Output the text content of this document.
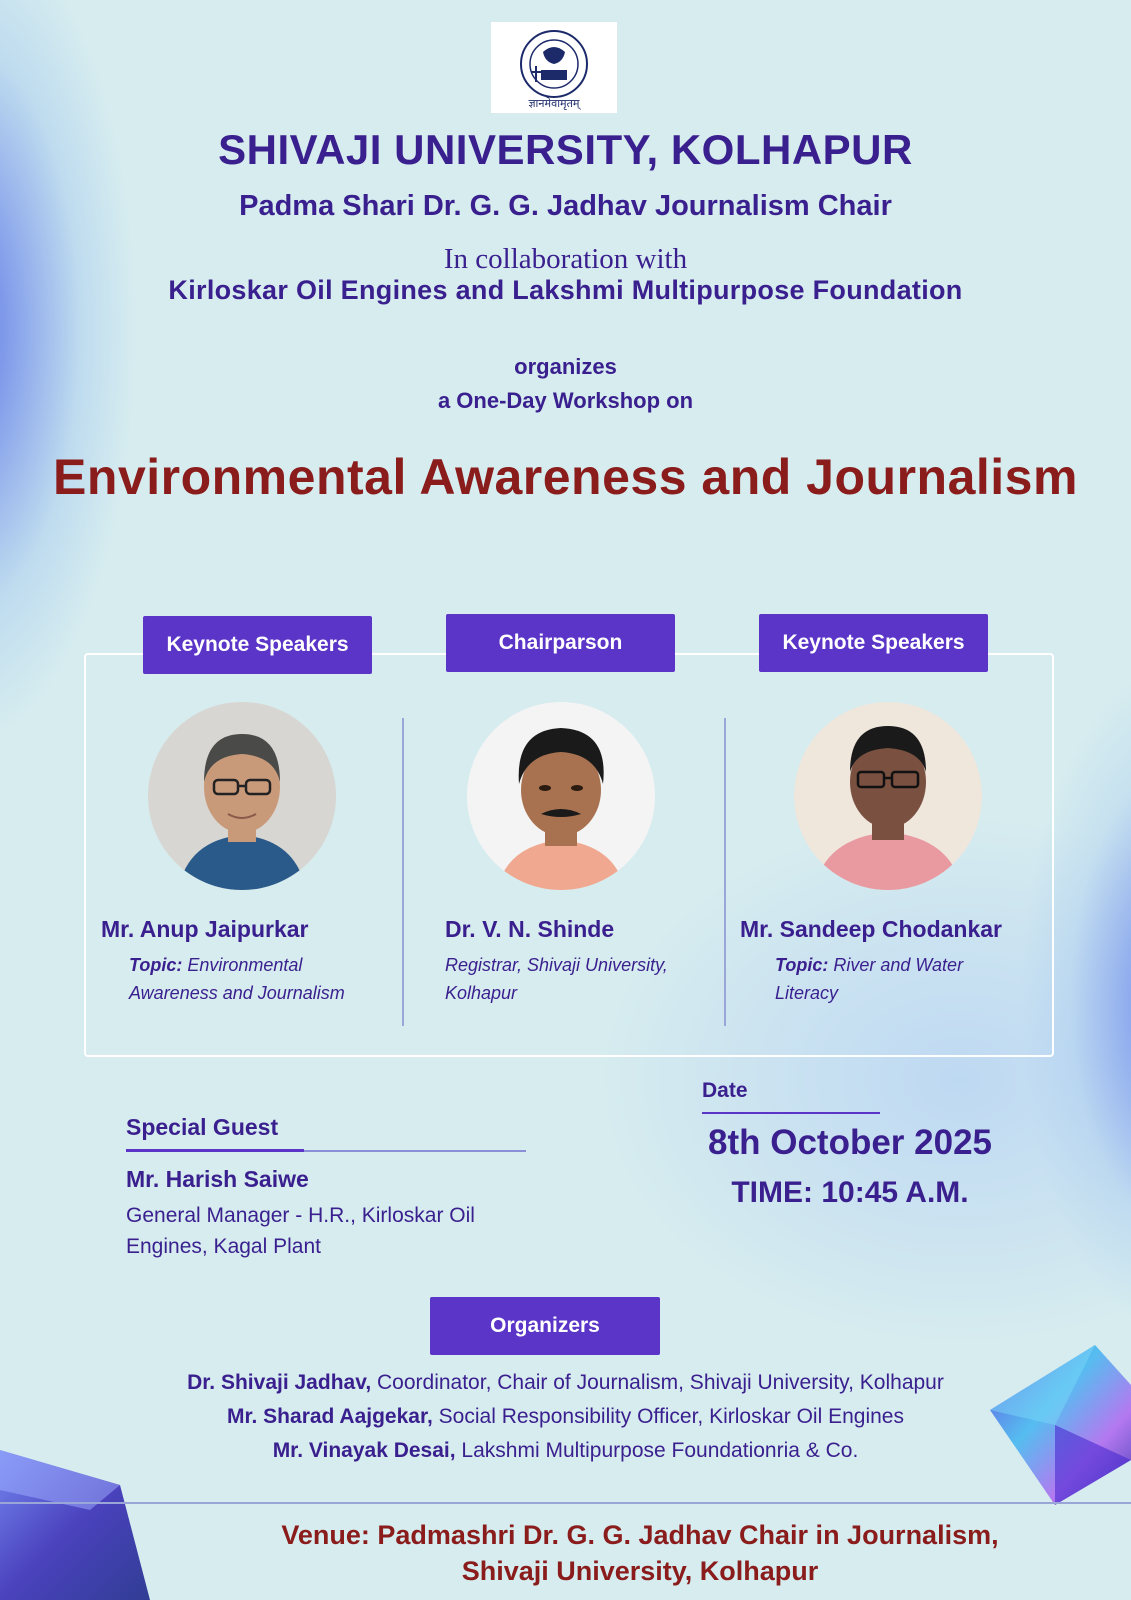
ज्ञानमेवामृतम्
SHIVAJI UNIVERSITY, KOLHAPUR
Padma Shari Dr. G. G. Jadhav Journalism Chair
In collaboration with
Kirloskar Oil Engines and Lakshmi Multipurpose Foundation
organizes
a One-Day Workshop on
Environmental Awareness and Journalism
Keynote Speakers	Chairparson	Keynote Speakers
Mr. Anup Jaipurkar
Topic: Environmental Awareness and Journalism
Dr. V. N. Shinde
Registrar, Shivaji University, Kolhapur
Mr. Sandeep Chodankar
Topic: River and Water Literacy
Special Guest
Mr. Harish Saiwe
General Manager - H.R., Kirloskar Oil Engines, Kagal Plant
Date
8th October 2025
TIME: 10:45 A.M.
Organizers
Dr. Shivaji Jadhav, Coordinator, Chair of Journalism, Shivaji University, Kolhapur
Mr. Sharad Aajgekar, Social Responsibility Officer, Kirloskar Oil Engines
Mr. Vinayak Desai, Lakshmi Multipurpose Foundationria & Co.
Venue: Padmashri Dr. G. G. Jadhav Chair in Journalism,
Shivaji University, Kolhapur
